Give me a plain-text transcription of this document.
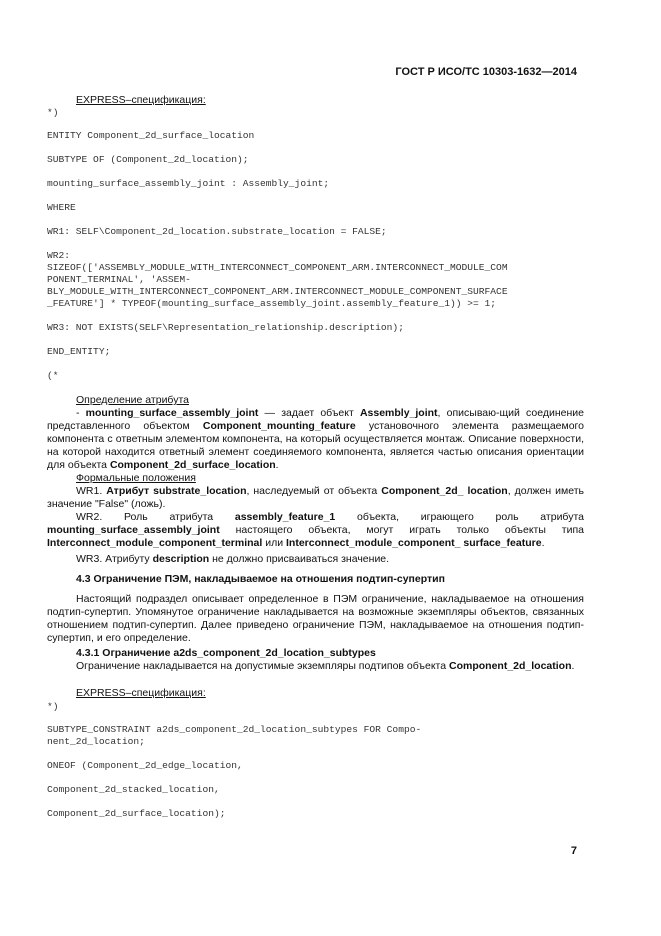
ГОСТ Р ИСО/ТС 10303-1632—2014
EXPRESS–спецификация:
*)
ENTITY Component_2d_surface_location
SUBTYPE OF (Component_2d_location);
mounting_surface_assembly_joint : Assembly_joint;
WHERE
WR1: SELF\Component_2d_location.substrate_location = FALSE;
WR2:
SIZEOF(['ASSEMBLY_MODULE_WITH_INTERCONNECT_COMPONENT_ARM.INTERCONNECT_MODULE_COM
PONENT_TERMINAL', 'ASSEM-
BLY_MODULE_WITH_INTERCONNECT_COMPONENT_ARM.INTERCONNECT_MODULE_COMPONENT_SURFACE
_FEATURE'] * TYPEOF(mounting_surface_assembly_joint.assembly_feature_1)) >= 1;
WR3: NOT EXISTS(SELF\Representation_relationship.description);
END_ENTITY;
(*
Определение атрибута
- mounting_surface_assembly_joint — задает объект Assembly_joint, описываю-щий соединение представленного объектом Component_mounting_feature установочного элемента размещаемого компонента с ответным элементом компонента, на который осуществляется монтаж. Описание поверхности, на которой находится ответный элемент соединяемого компонента, является частью описания ориентации для объекта Component_2d_surface_location.
Формальные положения
WR1. Атрибут substrate_location, наследуемый от объекта Component_2d_ location, должен иметь значение "False" (ложь).
WR2. Роль атрибута assembly_feature_1 объекта, играющего роль атрибута mounting_surface_assembly_joint настоящего объекта, могут играть только объекты типа Interconnect_module_component_terminal или Interconnect_module_component_ surface_feature.
WR3. Атрибуту description не должно присваиваться значение.
4.3 Ограничение ПЭМ, накладываемое на отношения подтип-супертип
Настоящий подраздел описывает определенное в ПЭМ ограничение, накладываемое на отношения подтип-супертип. Упомянутое ограничение накладывается на возможные экземпляры объектов, связанных отношением подтип-супертип. Далее приведено ограничение ПЭМ, накладываемое на отношения подтип-супертип, и его определение.
4.3.1 Ограничение a2ds_component_2d_location_subtypes
Ограничение накладывается на допустимые экземпляры подтипов объекта Component_2d_location.
EXPRESS–спецификация:
*)
SUBTYPE_CONSTRAINT a2ds_component_2d_location_subtypes FOR Compo-
nent_2d_location;
ONEOF (Component_2d_edge_location,
Component_2d_stacked_location,
Component_2d_surface_location);
7
